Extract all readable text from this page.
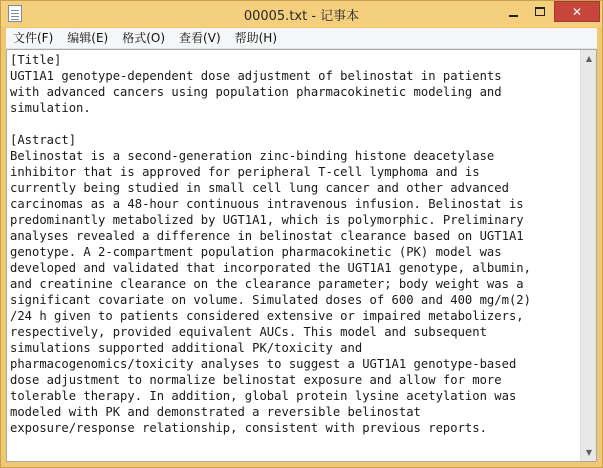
00005.txt - 记事本	✕
文件(F)	编辑(E)	格式(O)	查看(V)	帮助(H)
[Title]
UGT1A1 genotype-dependent dose adjustment of belinostat in patients
with advanced cancers using population pharmacokinetic modeling and
simulation.
[Astract]
Belinostat is a second-generation zinc-binding histone deacetylase
inhibitor that is approved for peripheral T-cell lymphoma and is
currently being studied in small cell lung cancer and other advanced
carcinomas as a 48-hour continuous intravenous infusion. Belinostat is
predominantly metabolized by UGT1A1, which is polymorphic. Preliminary
analyses revealed a difference in belinostat clearance based on UGT1A1
genotype. A 2-compartment population pharmacokinetic (PK) model was
developed and validated that incorporated the UGT1A1 genotype, albumin,
and creatinine clearance on the clearance parameter; body weight was a
significant covariate on volume. Simulated doses of 600 and 400 mg/m(2)
/24 h given to patients considered extensive or impaired metabolizers,
respectively, provided equivalent AUCs. This model and subsequent
simulations supported additional PK/toxicity and
pharmacogenomics/toxicity analyses to suggest a UGT1A1 genotype-based
dose adjustment to normalize belinostat exposure and allow for more
tolerable therapy. In addition, global protein lysine acetylation was
modeled with PK and demonstrated a reversible belinostat
exposure/response relationship, consistent with previous reports.
▲
▼
